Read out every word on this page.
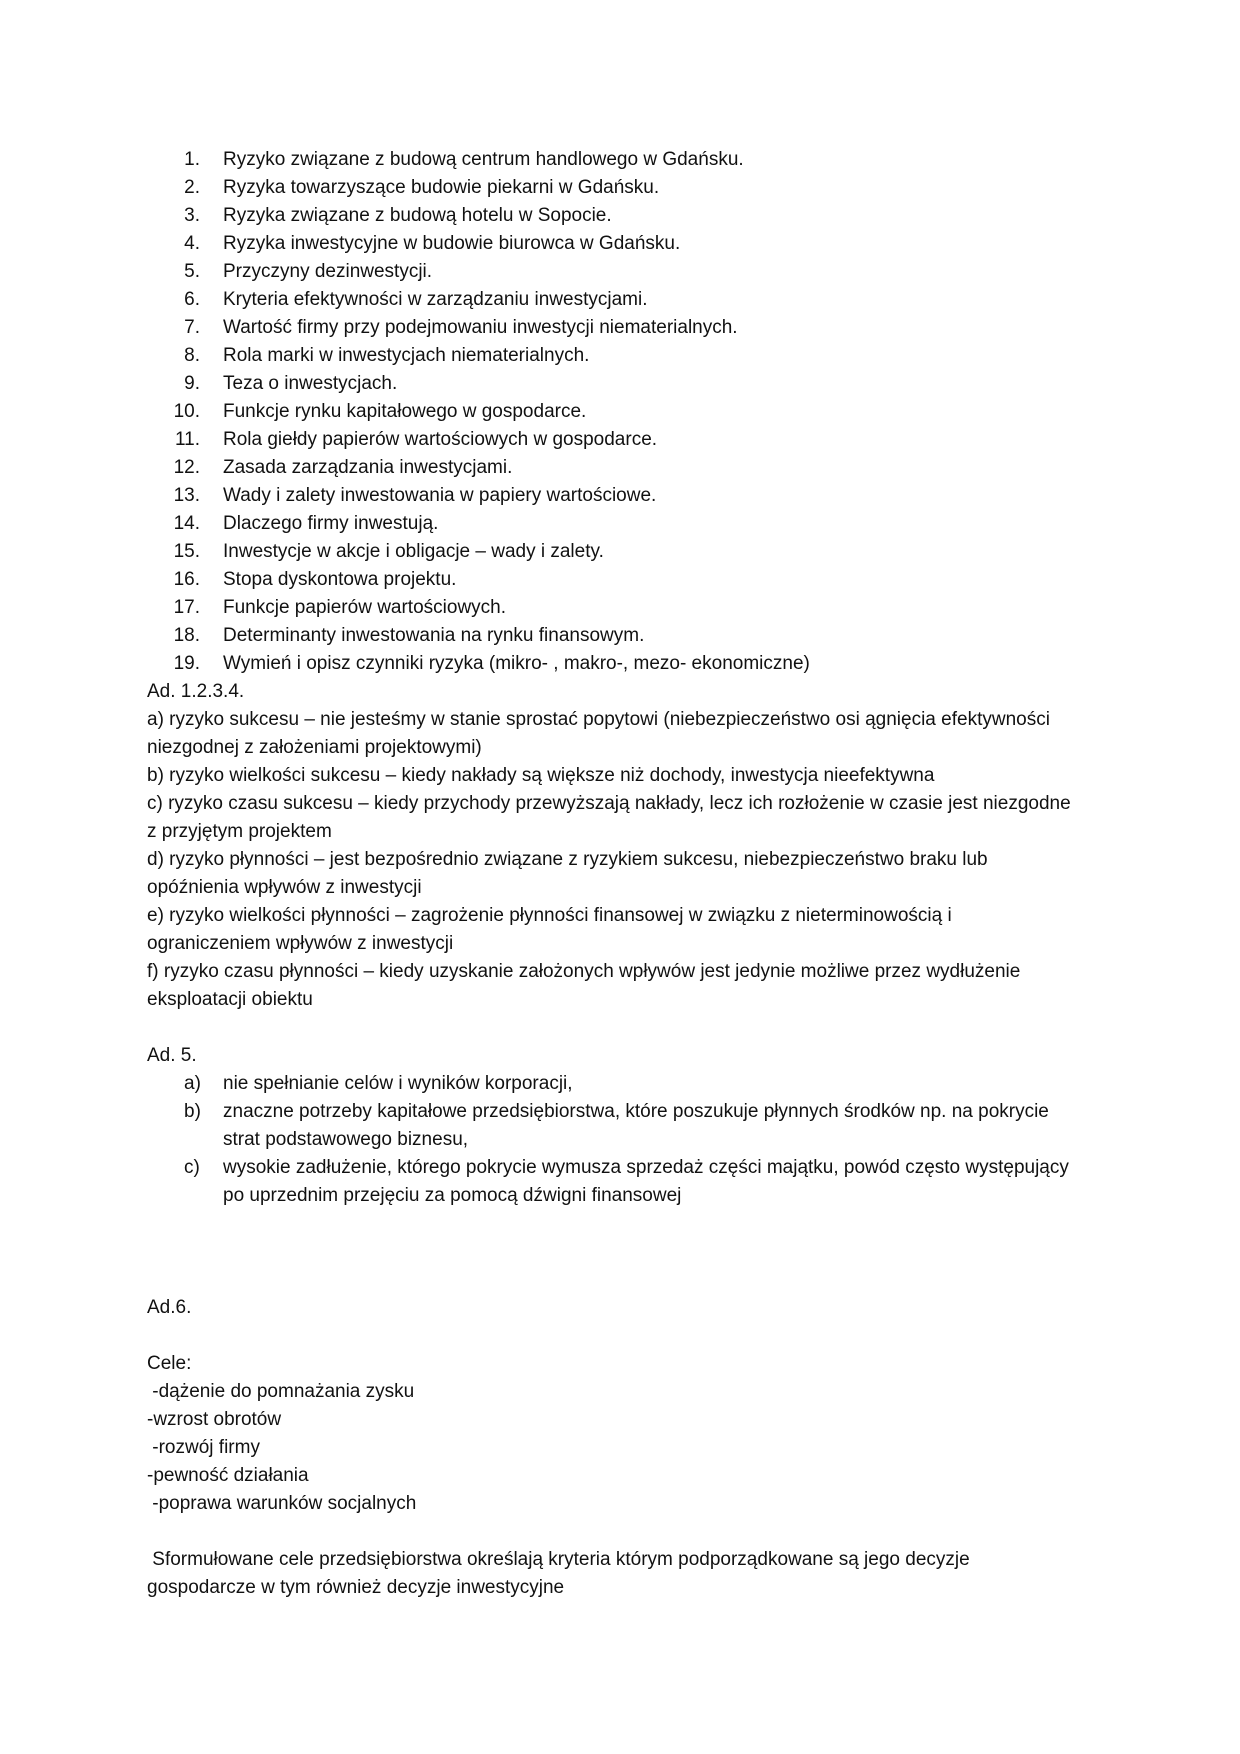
1. Ryzyko związane z budową centrum handlowego w Gdańsku.
2. Ryzyka towarzyszące budowie piekarni w Gdańsku.
3. Ryzyka związane z budową hotelu w Sopocie.
4. Ryzyka inwestycyjne w budowie biurowca w Gdańsku.
5. Przyczyny dezinwestycji.
6. Kryteria efektywności w zarządzaniu inwestycjami.
7. Wartość firmy przy podejmowaniu inwestycji niematerialnych.
8. Rola marki w inwestycjach niematerialnych.
9. Teza o inwestycjach.
10. Funkcje rynku kapitałowego w gospodarce.
11. Rola giełdy papierów wartościowych w gospodarce.
12. Zasada zarządzania inwestycjami.
13. Wady i zalety inwestowania w papiery wartościowe.
14. Dlaczego firmy inwestują.
15. Inwestycje w akcje i obligacje – wady i zalety.
16. Stopa dyskontowa projektu.
17. Funkcje papierów wartościowych.
18. Determinanty inwestowania na rynku finansowym.
19. Wymień i opisz czynniki ryzyka (mikro- , makro-, mezo- ekonomiczne)

Ad. 1.2.3.4.

a) ryzyko sukcesu – nie jesteśmy w stanie sprostać popytowi (niebezpieczeństwo osi ągnięcia efektywności niezgodnej z założeniami projektowymi)

b) ryzyko wielkości sukcesu – kiedy nakłady są większe niż dochody, inwestycja nieefektywna

c) ryzyko czasu sukcesu – kiedy przychody przewyższają nakłady, lecz ich rozłożenie w czasie jest niezgodne z przyjętym projektem

d) ryzyko płynności – jest bezpośrednio związane z ryzykiem sukcesu, niebezpieczeństwo braku lub opóźnienia wpływów z inwestycji

e) ryzyko wielkości płynności – zagrożenie płynności finansowej w związku z nieterminowością i ograniczeniem wpływów z inwestycji

f) ryzyko czasu płynności – kiedy uzyskanie założonych wpływów jest jedynie możliwe przez wydłużenie eksploatacji obiektu

Ad. 5.

a) nie spełnianie celów i wyników korporacji,
b) znaczne potrzeby kapitałowe przedsiębiorstwa, które poszukuje płynnych środków np. na pokrycie strat podstawowego biznesu,
c) wysokie zadłużenie, którego pokrycie wymusza sprzedaż części majątku, powód często występujący po uprzednim przejęciu za pomocą dźwigni finansowej

Ad.6.

Cele:

-dążenie do pomnażania zysku

-wzrost obrotów

-rozwój firmy

-pewność działania

-poprawa warunków socjalnych

Sformułowane cele przedsiębiorstwa określają kryteria którym podporządkowane są jego decyzje gospodarcze w tym również decyzje inwestycyjne
